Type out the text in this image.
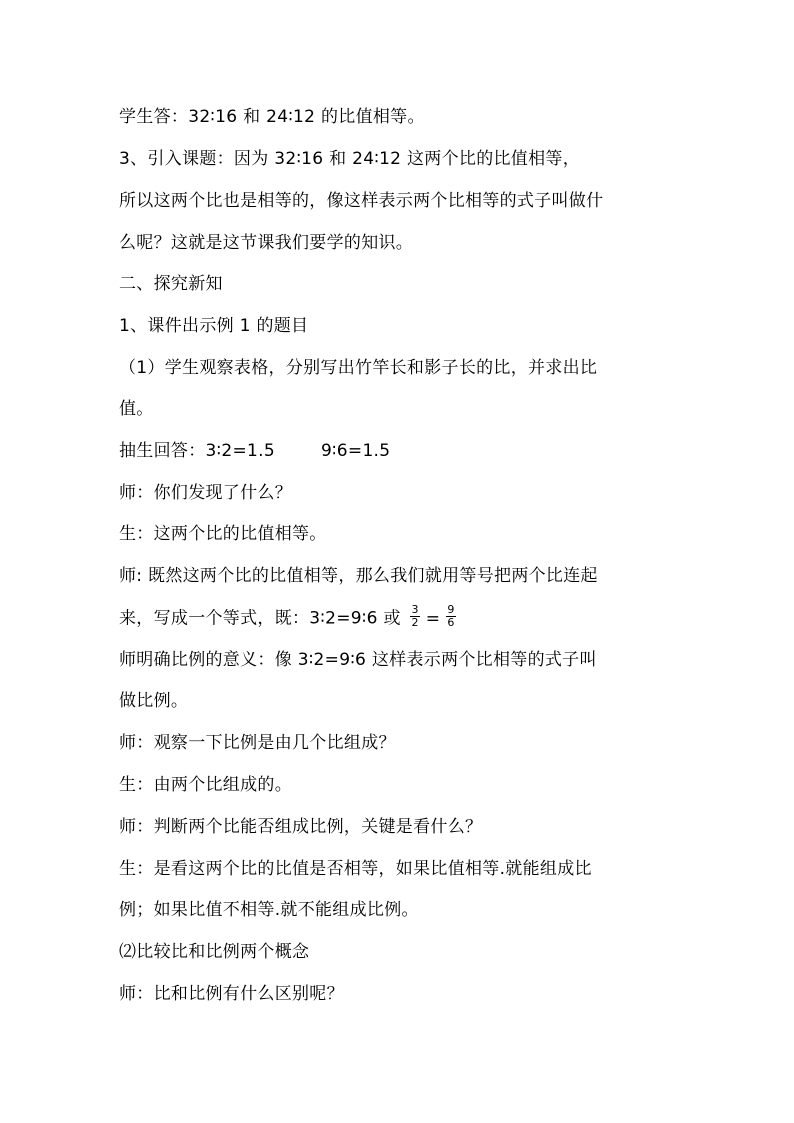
学生答：32∶16 和 24∶12 的比值相等。
3、引入课题：因为 32∶16 和 24∶12 这两个比的比值相等，
所以这两个比也是相等的，像这样表示两个比相等的式子叫做什
么呢？这就是这节课我们要学的知识。
二、探究新知
1、课件出示例 1 的题目
（1）学生观察表格，分别写出竹竿长和影子长的比，并求出比
值。
抽生回答：3∶2=1.5	9∶6=1.5
师：你们发现了什么？
生：这两个比的比值相等。
师: 既然这两个比的比值相等，那么我们就用等号把两个比连起
来，写成一个等式，既：3∶2=9∶6 或 $\frac{3}{2} = \frac{9}{6}$
师明确比例的意义：像 3∶2=9∶6 这样表示两个比相等的式子叫
做比例。
师：观察一下比例是由几个比组成？
生：由两个比组成的。
师：判断两个比能否组成比例，关键是看什么？
生：是看这两个比的比值是否相等，如果比值相等.就能组成比
例；如果比值不相等.就不能组成比例。
⑵比较比和比例两个概念
师：比和比例有什么区别呢？
